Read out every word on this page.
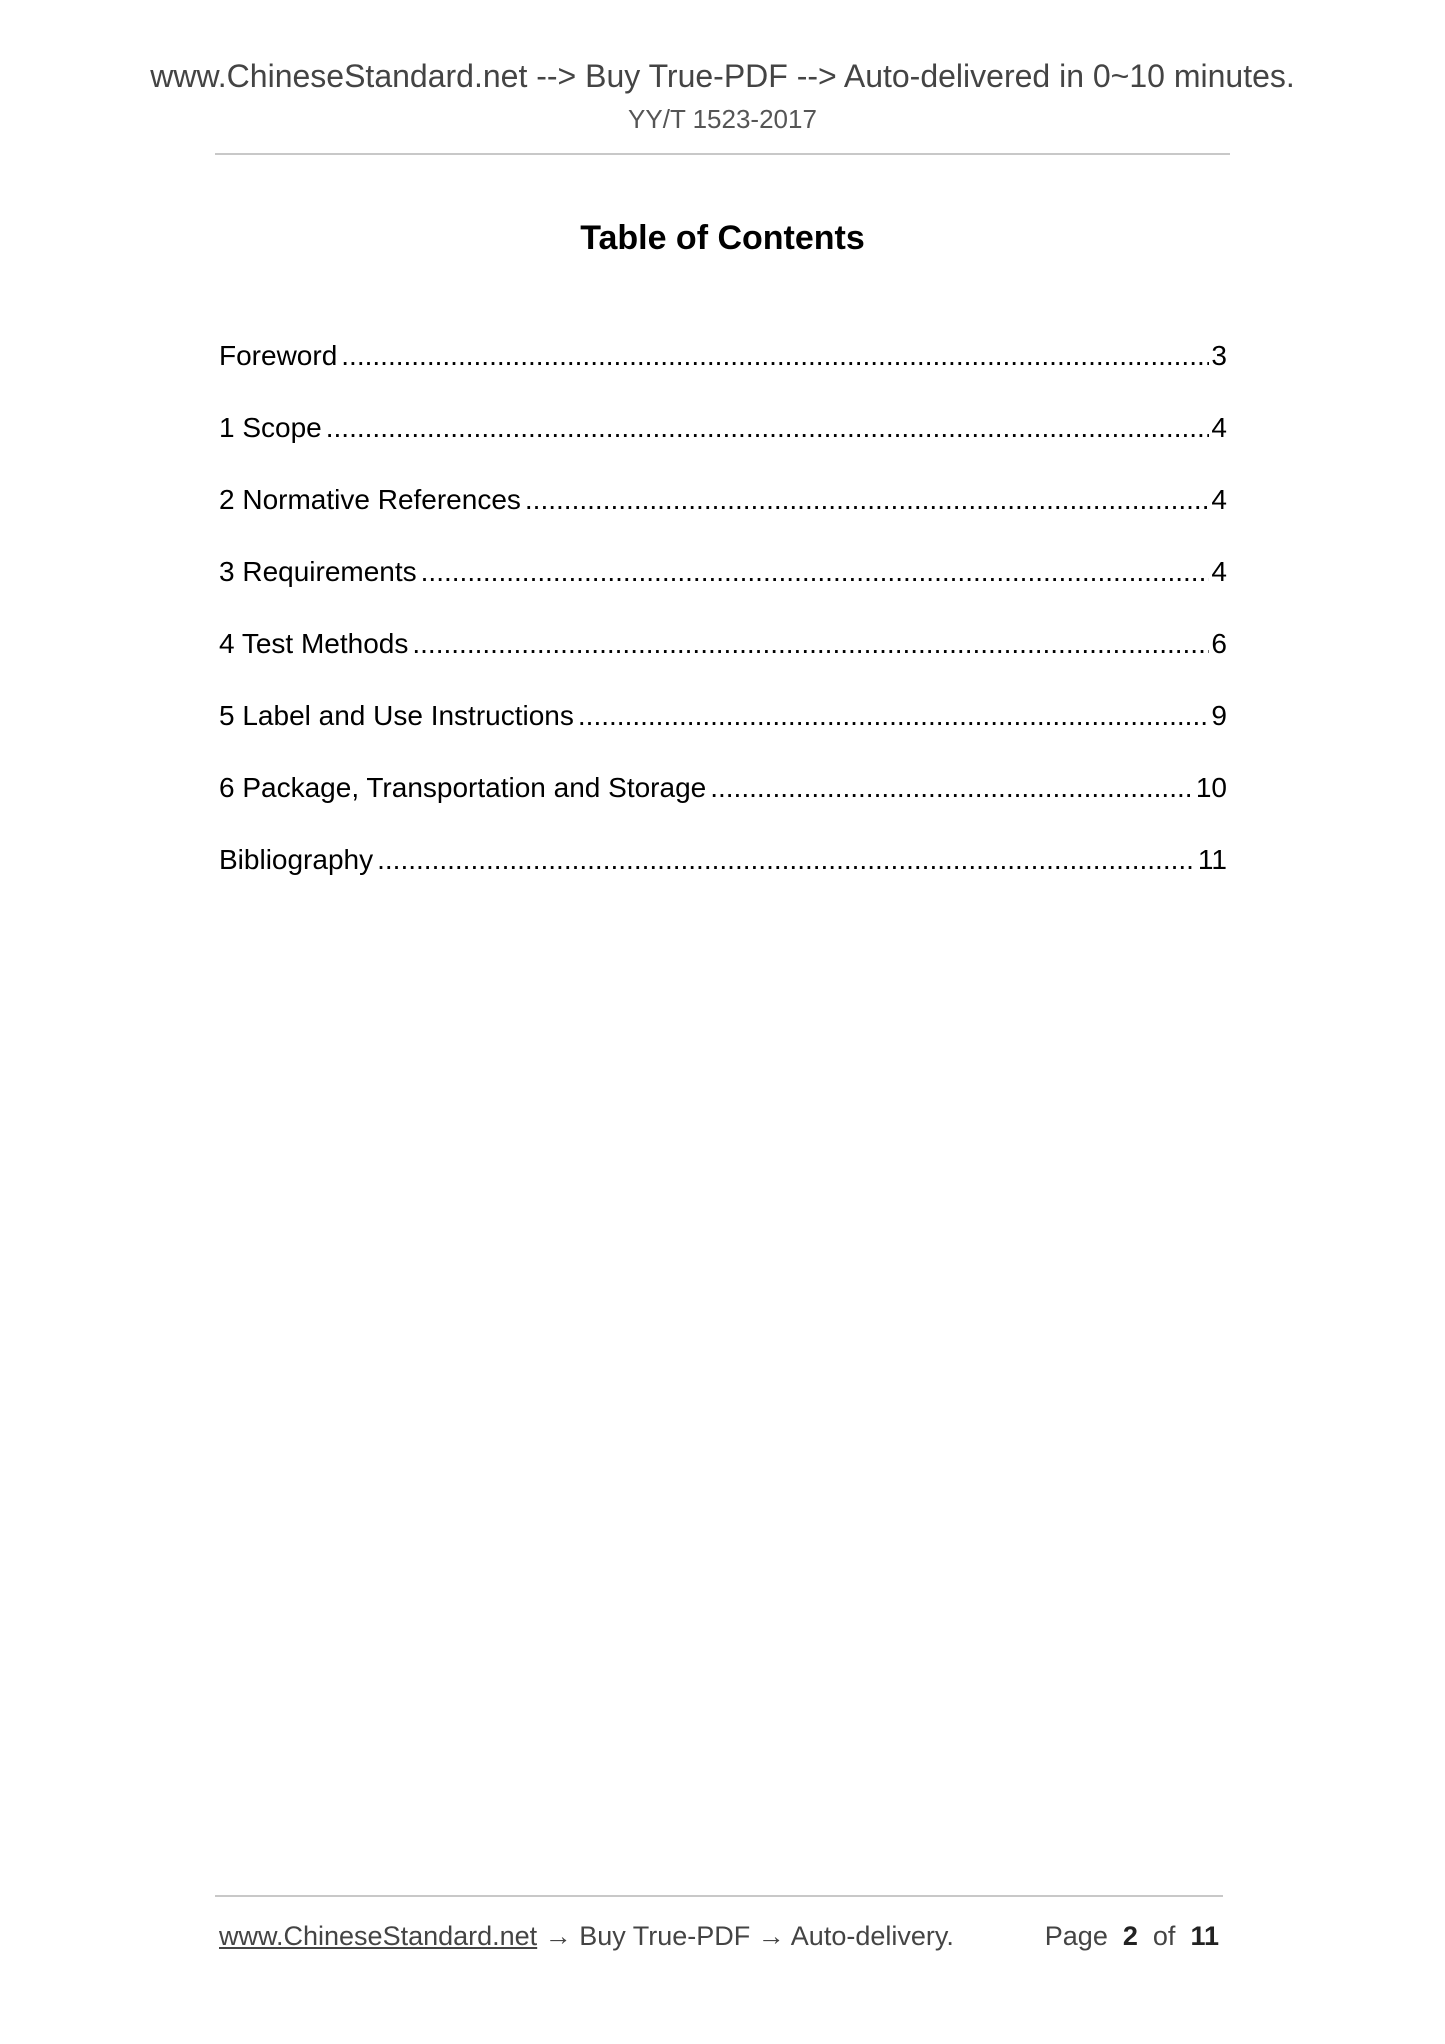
www.ChineseStandard.net --> Buy True-PDF --> Auto-delivered in 0~10 minutes.
YY/T 1523-2017
Table of Contents
Foreword .....	3
1 Scope .....	4
2 Normative References .....	4
3 Requirements .....	4
4 Test Methods .....	6
5 Label and Use Instructions .....	9
6 Package, Transportation and Storage .....	10
Bibliography .....	11
www.ChineseStandard.net → Buy True-PDF → Auto-delivery.	Page 2 of 11
